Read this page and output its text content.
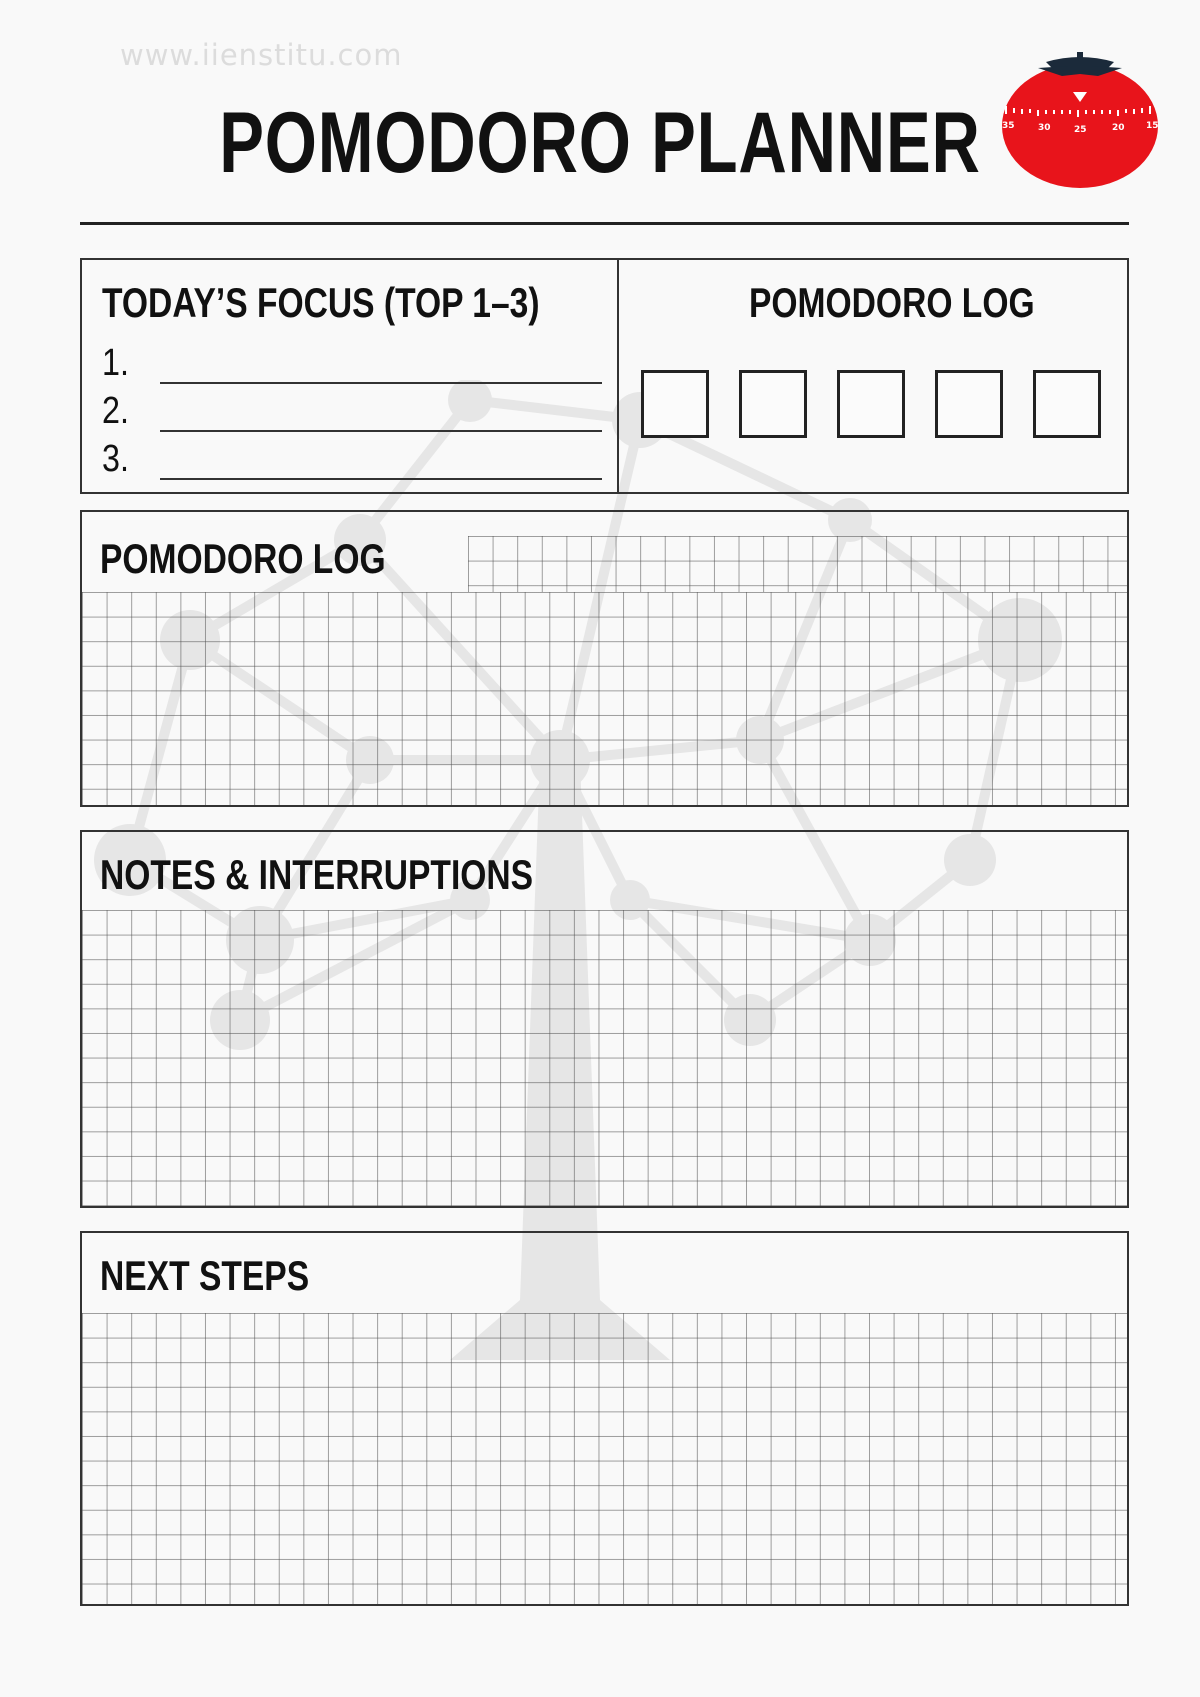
www.iienstitu.com
POMODORO PLANNER	35	30	25	20 15
TODAY’S FOCUS (TOP 1–3)
1.
2.
3.
POMODORO LOG
POMODORO LOG
NOTES & INTERRUPTIONS
NEXT STEPS
